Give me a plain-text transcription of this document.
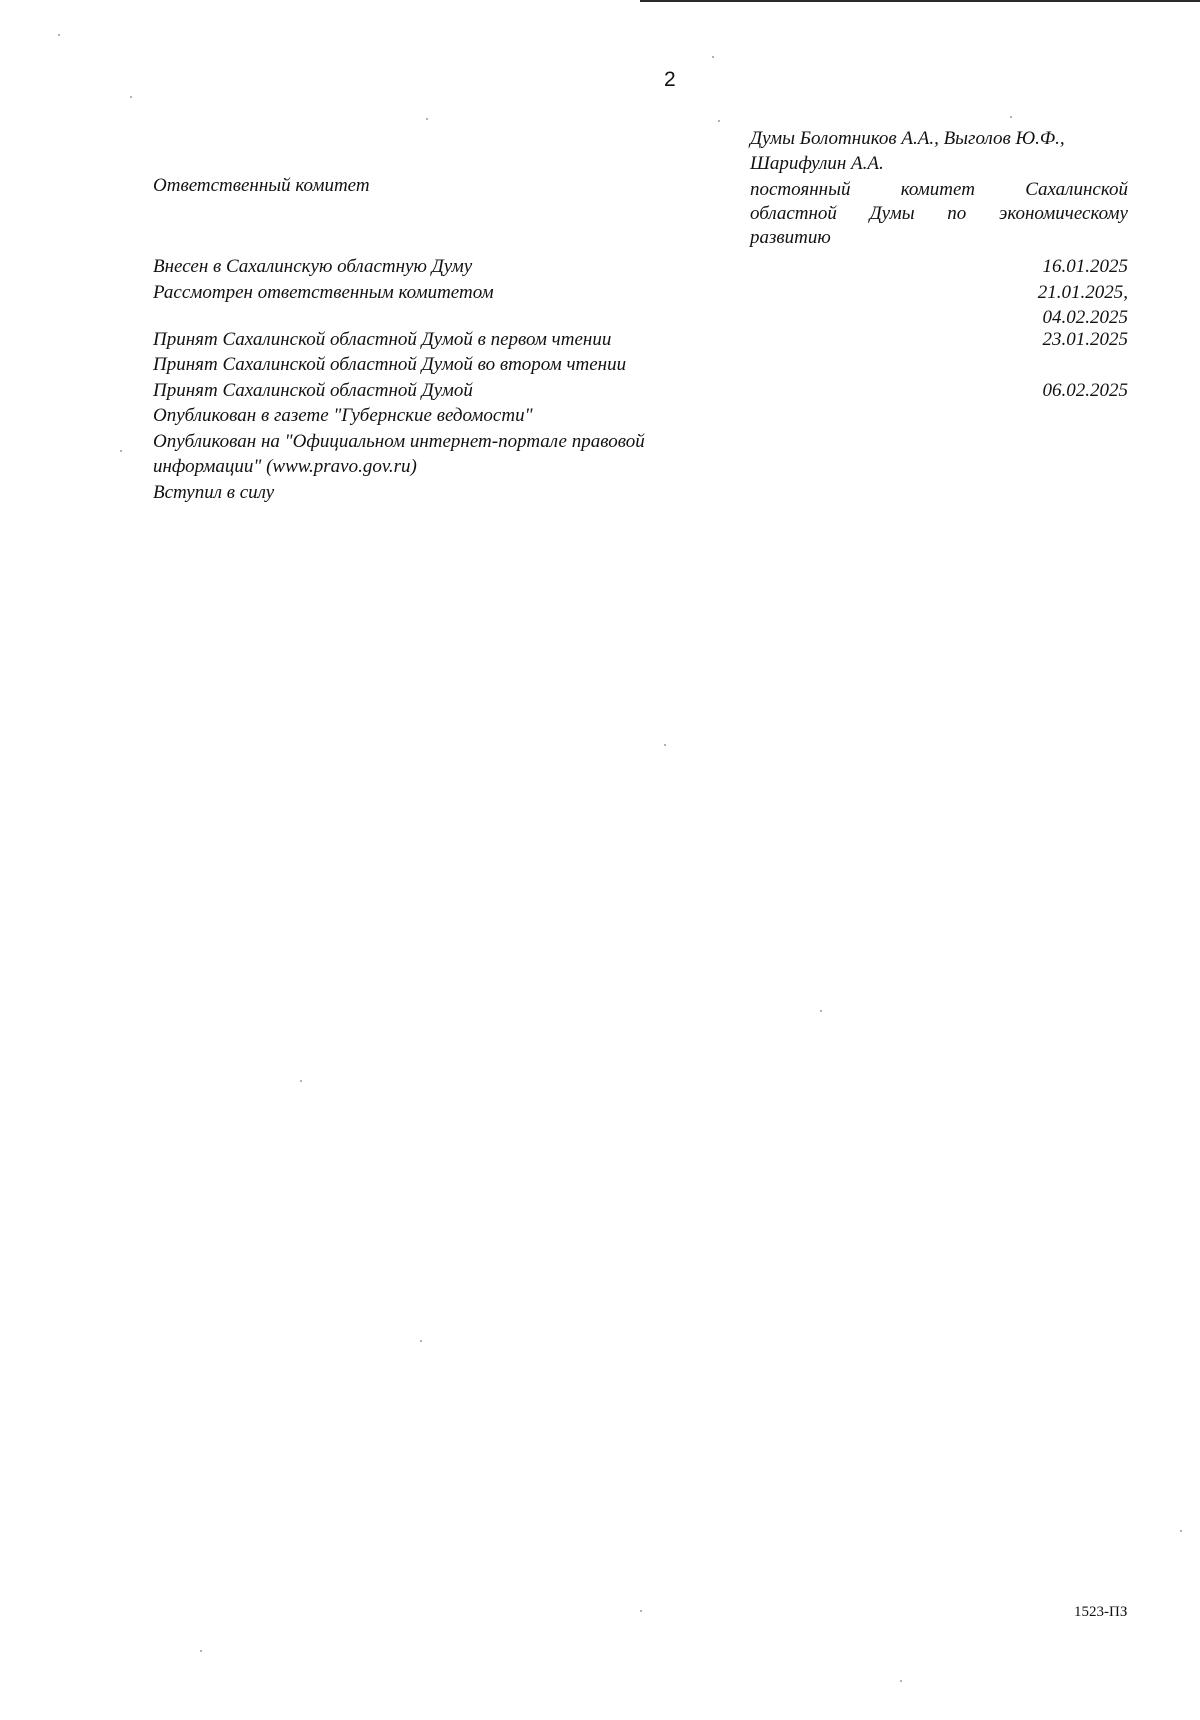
2
Думы Болотников А.А., Выголов Ю.Ф.,
Шарифулин А.А.
Ответственный комитет	постоянный комитет Сахалинской областной Думы по экономическому развитию
Внесен в Сахалинскую областную Думу	16.01.2025
Рассмотрен ответственным комитетом	21.01.2025,
04.02.2025
Принят Сахалинской областной Думой в первом чтении	23.01.2025
Принят Сахалинской областной Думой во втором чтении
Принят Сахалинской областной Думой	06.02.2025
Опубликован в газете "Губернские ведомости"
Опубликован на "Официальном интернет-портале правовой информации" (www.pravo.gov.ru)
Вступил в силу
1523-ПЗ
